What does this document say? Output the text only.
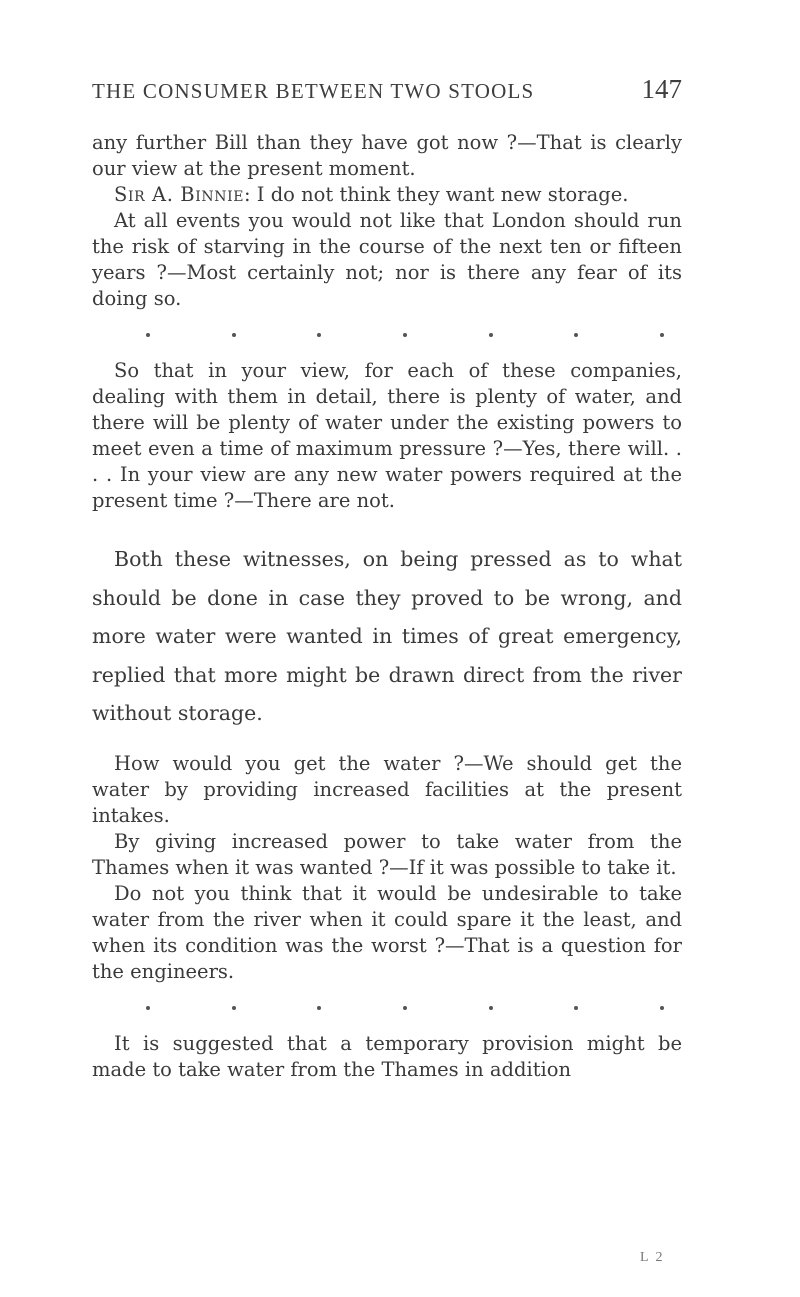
THE CONSUMER BETWEEN TWO STOOLS	147

any further Bill than they have got now ?—That is clearly our view at the present moment.

Sir A. Binnie: I do not think they want new storage.

At all events you would not like that London should run the risk of starving in the course of the next ten or fifteen years ?—Most certainly not; nor is there any fear of its doing so.

So that in your view, for each of these companies, dealing with them in detail, there is plenty of water, and there will be plenty of water under the existing powers to meet even a time of maximum pressure ?—Yes, there will. . . . In your view are any new water powers required at the present time ?—There are not.

Both these witnesses, on being pressed as to what should be done in case they proved to be wrong, and more water were wanted in times of great emergency, replied that more might be drawn direct from the river without storage.

How would you get the water ?—We should get the water by providing increased facilities at the present intakes.

By giving increased power to take water from the Thames when it was wanted ?—If it was possible to take it.

Do not you think that it would be undesirable to take water from the river when it could spare it the least, and when its condition was the worst ?—That is a question for the engineers.

It is suggested that a temporary provision might be made to take water from the Thames in addition

L 2
